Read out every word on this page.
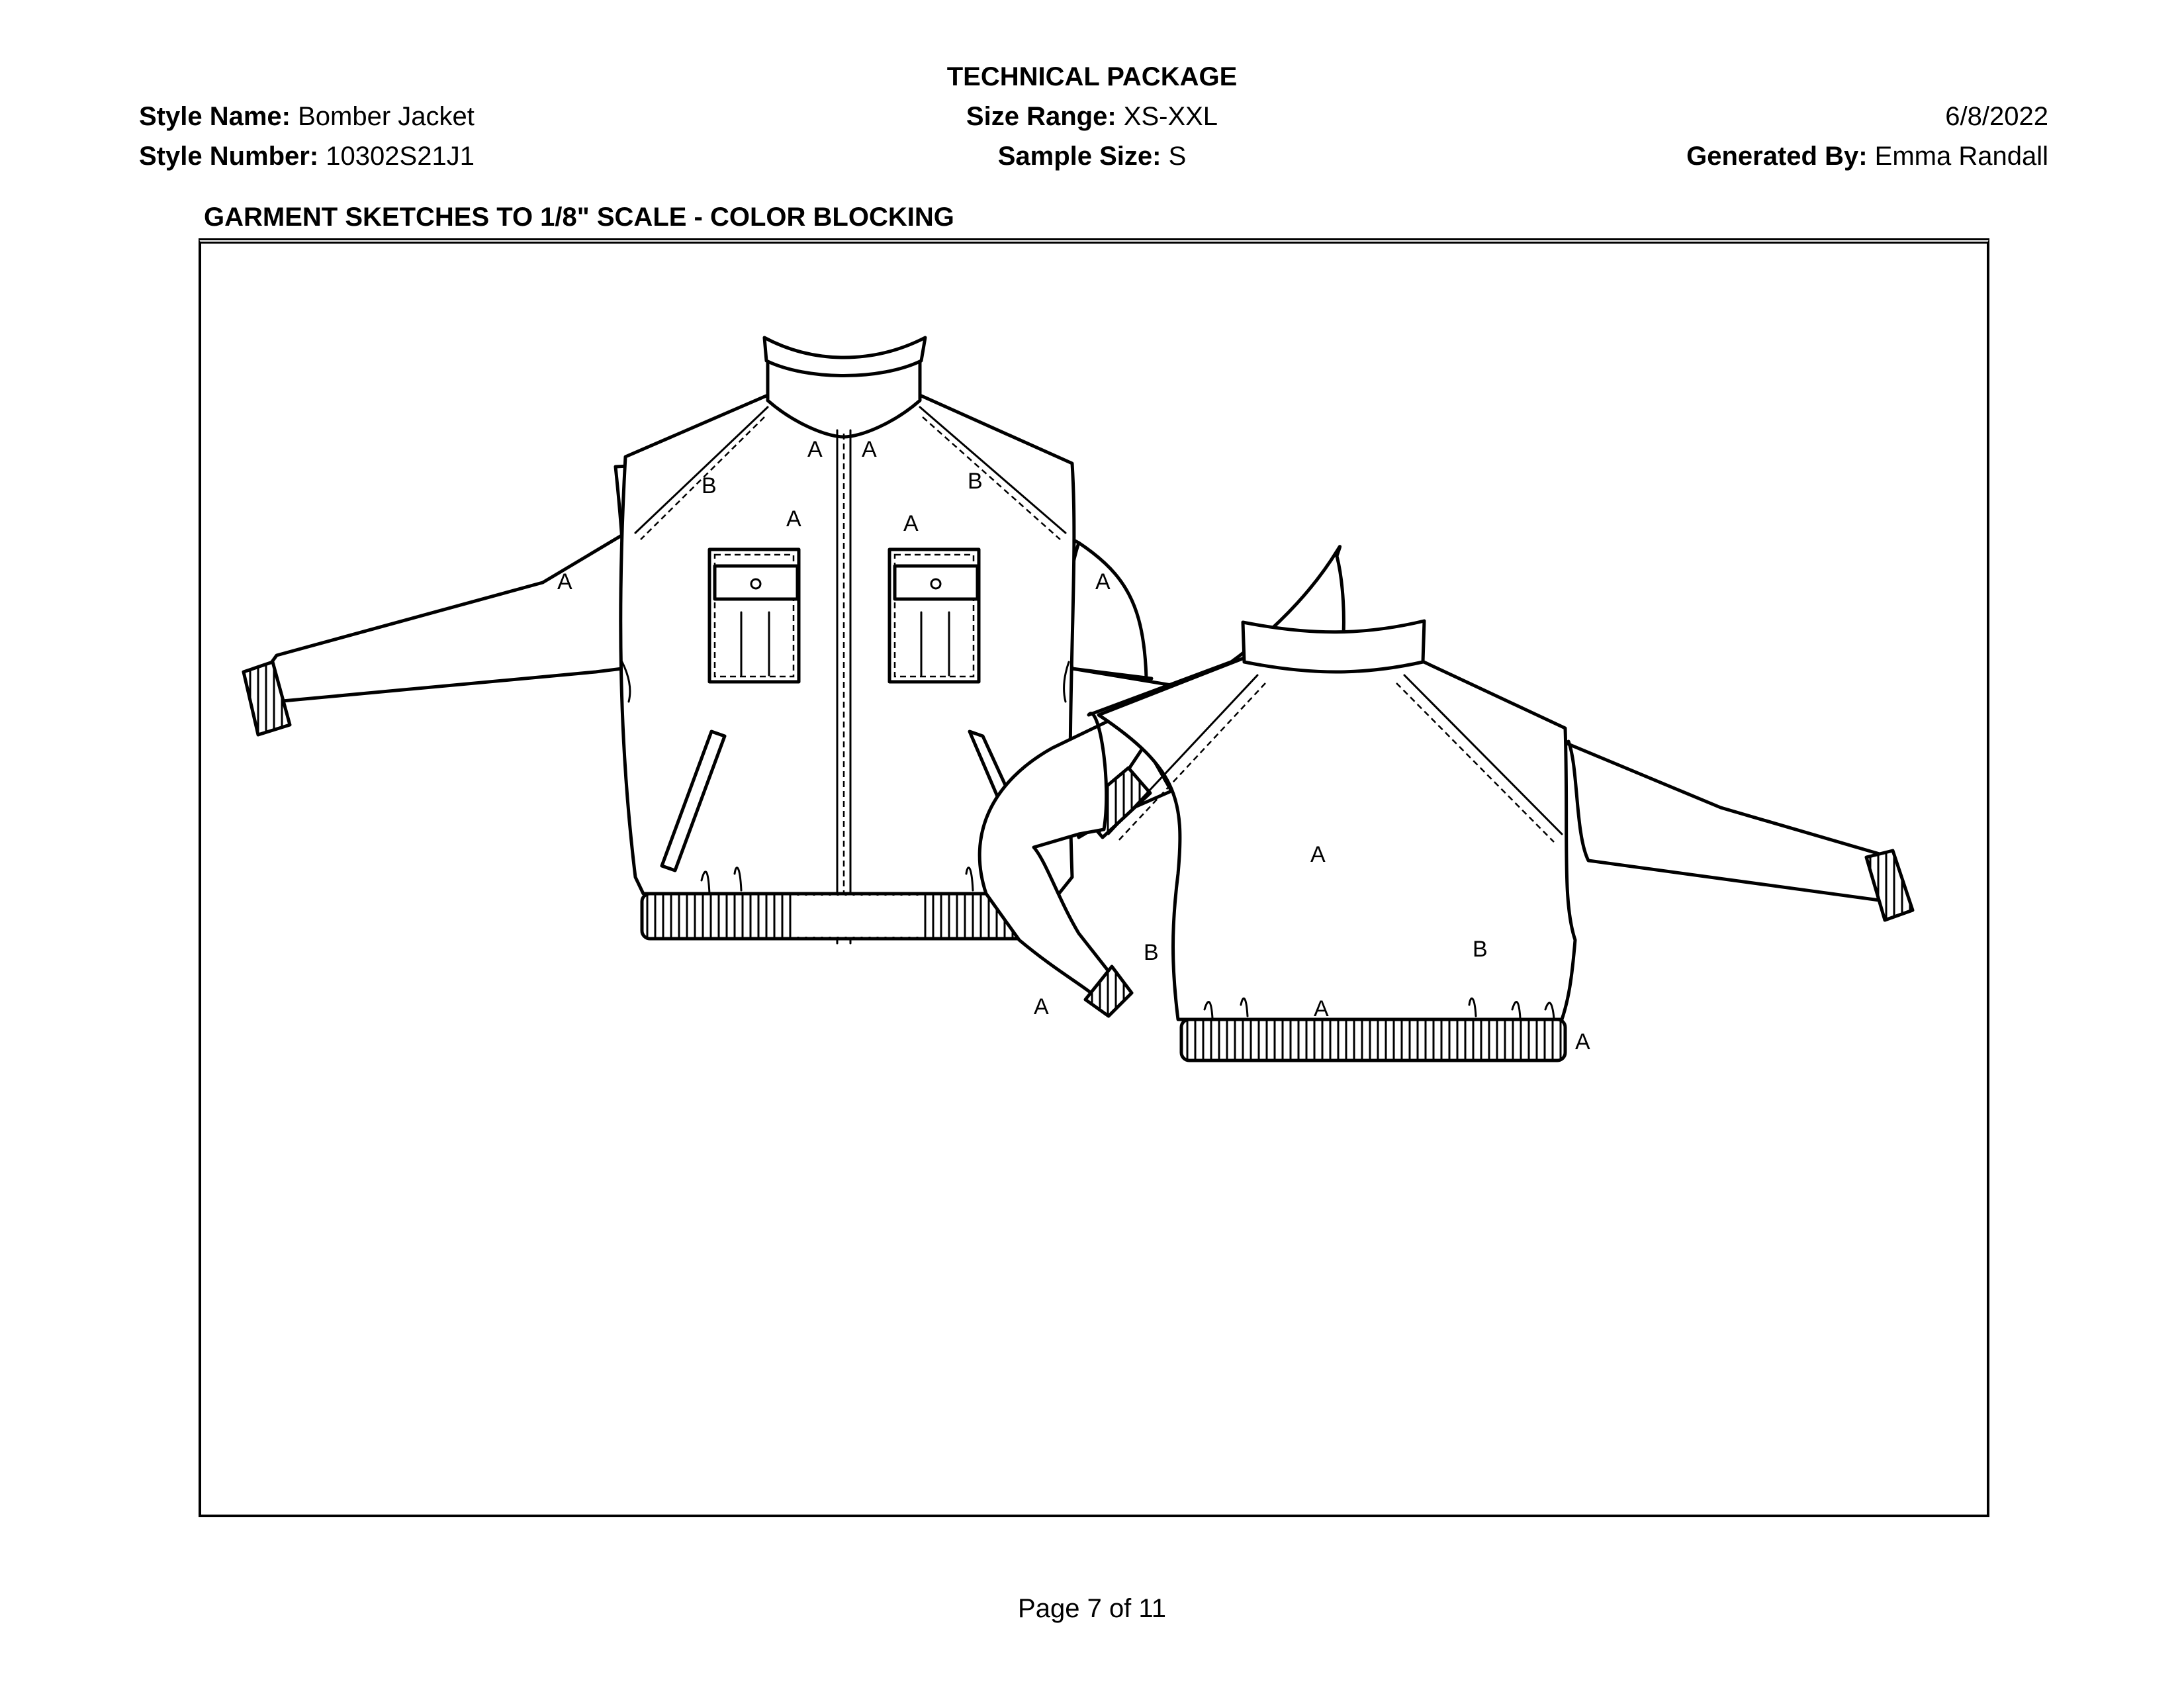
TECHNICAL PACKAGE
Style Name: Bomber Jacket
Style Number: 10302S21J1
Size Range: XS-XXL
Sample Size: S
6/8/2022
Generated By: Emma Randall
GARMENT SKETCHES TO 1/8" SCALE - COLOR BLOCKING
A A
B	B
A	A
A	A
A
B	B
A	A
A
Page 7 of 11
